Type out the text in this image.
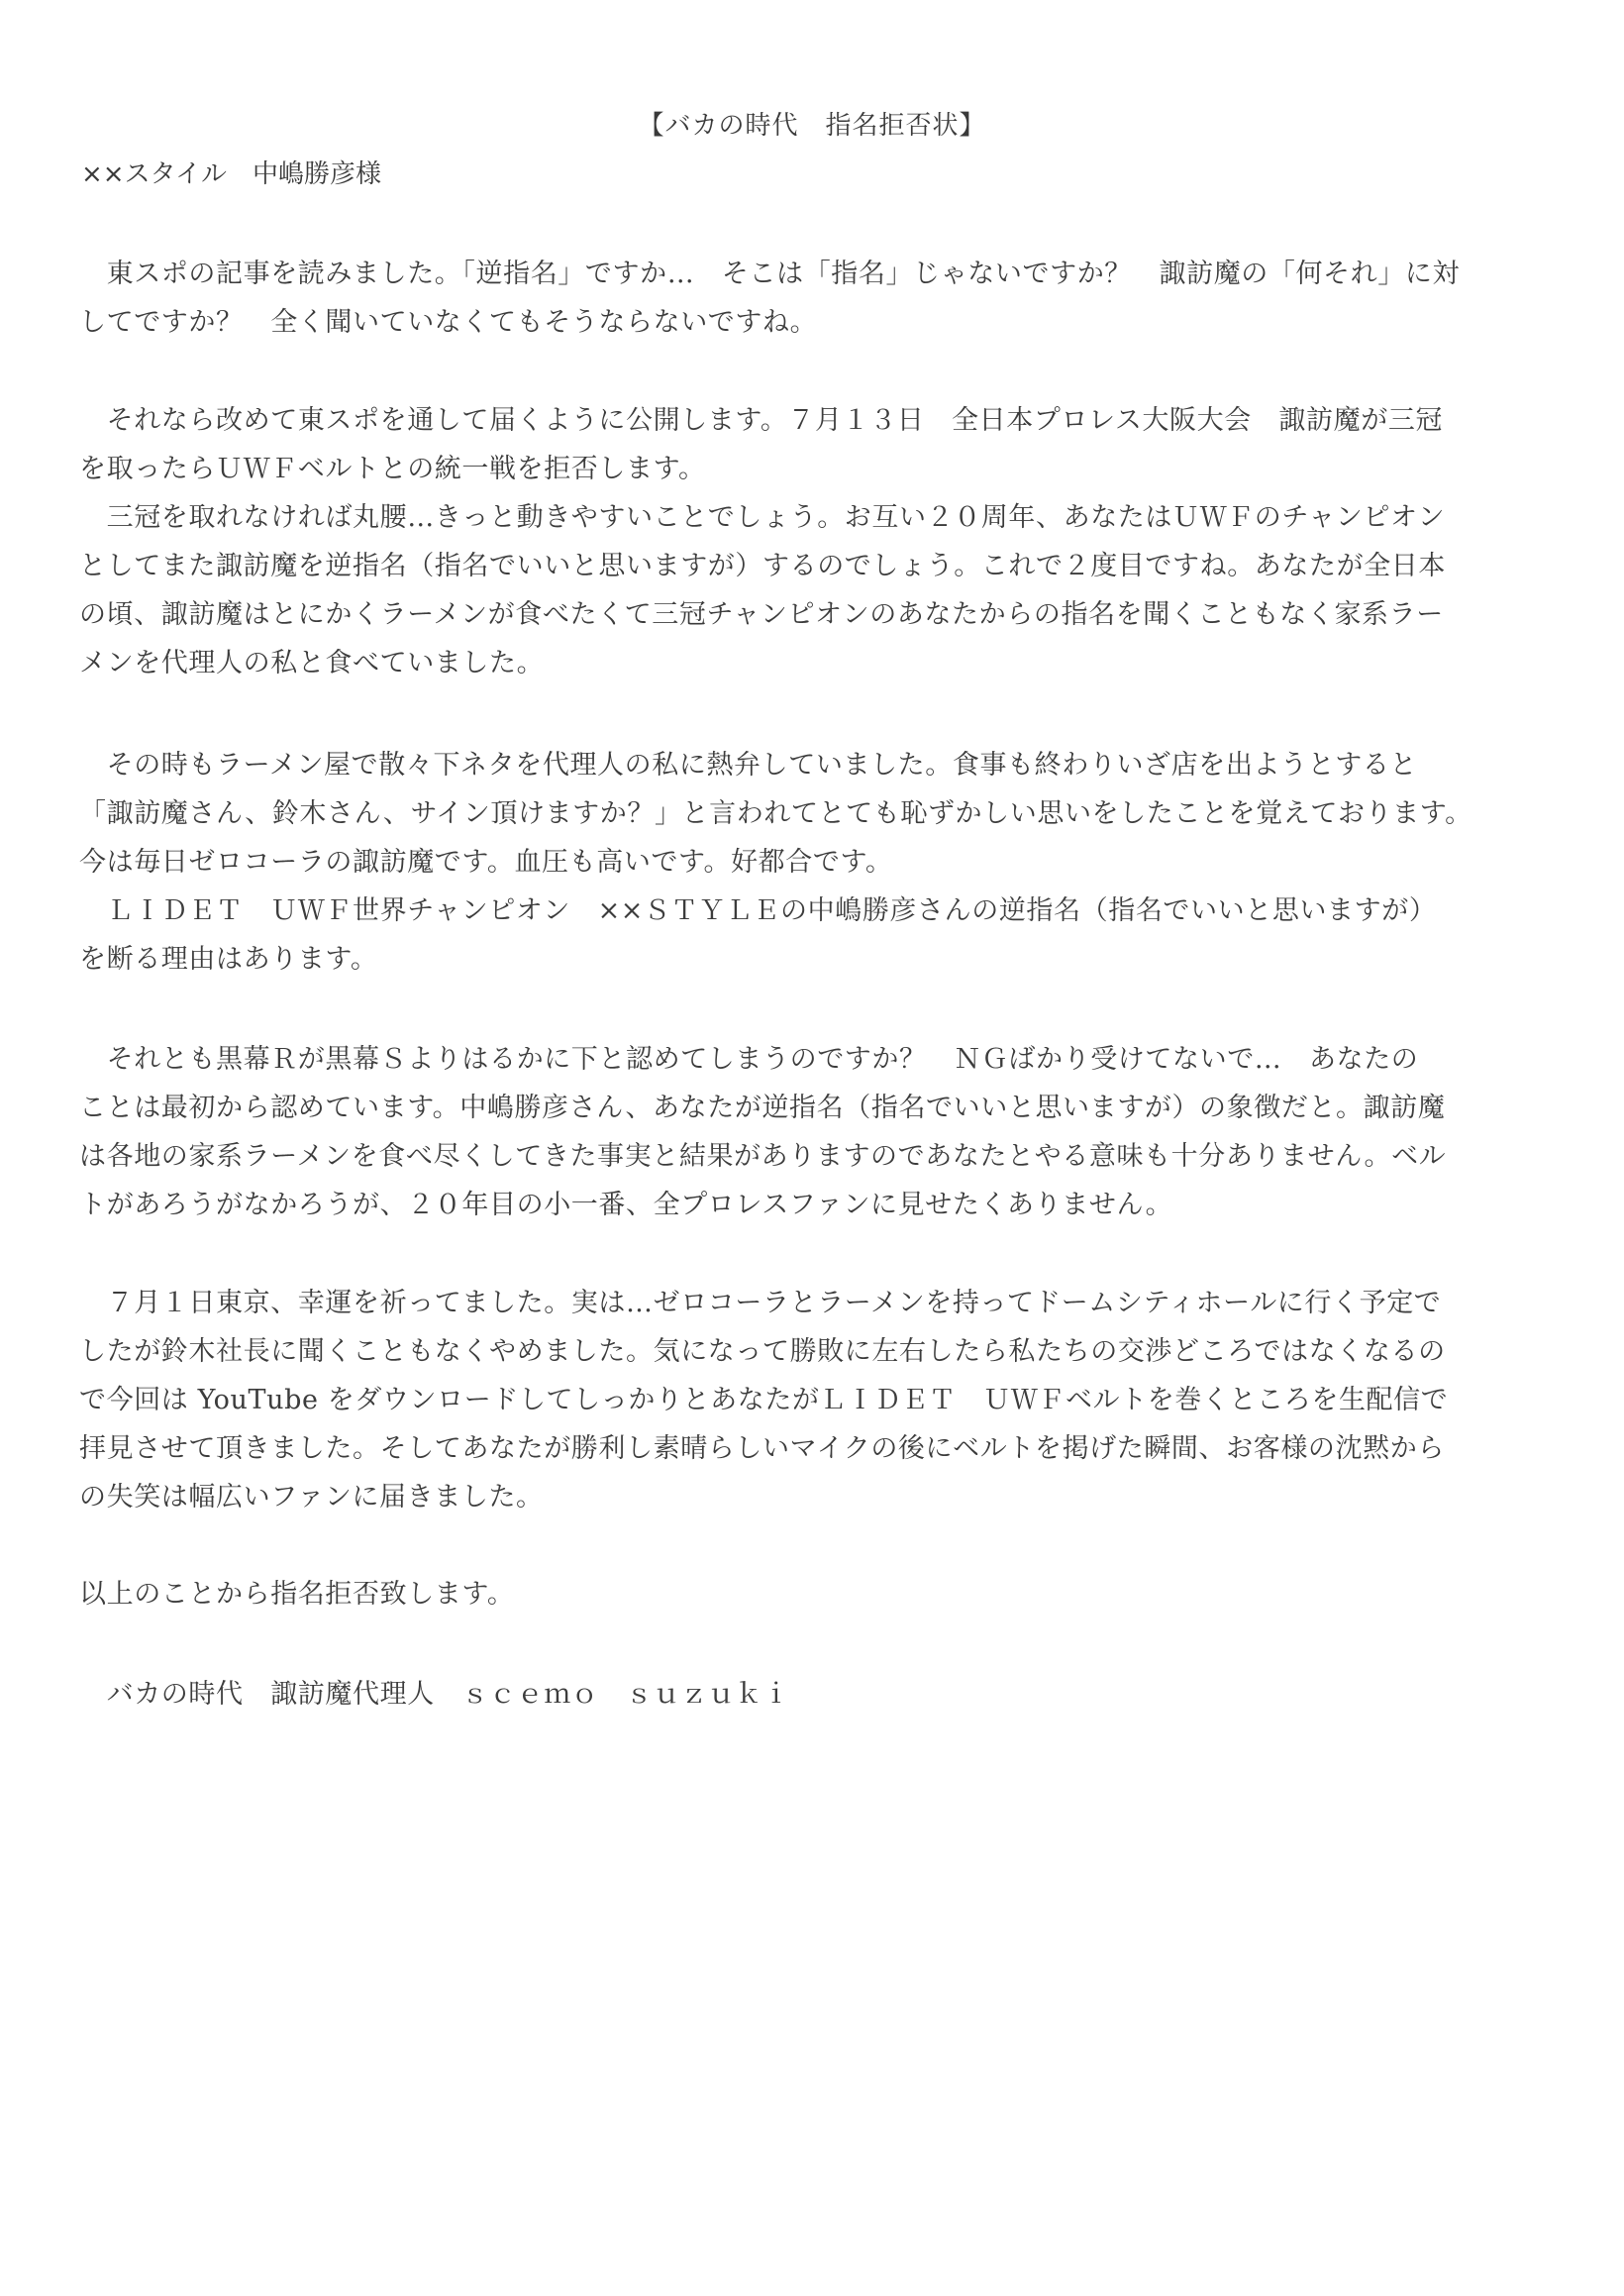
【バカの時代　指名拒否状】
××スタイル　中嶋勝彦様
　東スポの記事を読みました。「逆指名」ですか…　そこは「指名」じゃないですか？　諏訪魔の「何それ」に対
してですか？　全く聞いていなくてもそうならないですね。
　それなら改めて東スポを通して届くように公開します。７月１３日　全日本プロレス大阪大会　諏訪魔が三冠
を取ったらＵＷＦベルトとの統一戦を拒否します。
　三冠を取れなければ丸腰…きっと動きやすいことでしょう。お互い２０周年、あなたはＵＷＦのチャンピオン
としてまた諏訪魔を逆指名（指名でいいと思いますが）するのでしょう。これで２度目ですね。あなたが全日本
の頃、諏訪魔はとにかくラーメンが食べたくて三冠チャンピオンのあなたからの指名を聞くこともなく家系ラー
メンを代理人の私と食べていました。
　その時もラーメン屋で散々下ネタを代理人の私に熱弁していました。食事も終わりいざ店を出ようとすると
「諏訪魔さん、鈴木さん、サイン頂けますか？」と言われてとても恥ずかしい思いをしたことを覚えております。
今は毎日ゼロコーラの諏訪魔です。血圧も高いです。好都合です。
　ＬＩＤＥＴ　ＵＷＦ世界チャンピオン　××ＳＴＹＬＥの中嶋勝彦さんの逆指名（指名でいいと思いますが）
を断る理由はあります。
　それとも黒幕Ｒが黒幕Ｓよりはるかに下と認めてしまうのですか？　ＮＧばかり受けてないで…　あなたの
ことは最初から認めています。中嶋勝彦さん、あなたが逆指名（指名でいいと思いますが）の象徴だと。諏訪魔
は各地の家系ラーメンを食べ尽くしてきた事実と結果がありますのであなたとやる意味も十分ありません。ベル
トがあろうがなかろうが、２０年目の小一番、全プロレスファンに見せたくありません。
　７月１日東京、幸運を祈ってました。実は…ゼロコーラとラーメンを持ってドームシティホールに行く予定で
したが鈴木社長に聞くこともなくやめました。気になって勝敗に左右したら私たちの交渉どころではなくなるの
で今回は YouTube をダウンロードしてしっかりとあなたがＬＩＤＥＴ　ＵＷＦベルトを巻くところを生配信で
拝見させて頂きました。そしてあなたが勝利し素晴らしいマイクの後にベルトを掲げた瞬間、お客様の沈黙から
の失笑は幅広いファンに届きました。
以上のことから指名拒否致します。
　バカの時代　諏訪魔代理人　ｓｃｅｍｏ　ｓｕｚｕｋｉ
